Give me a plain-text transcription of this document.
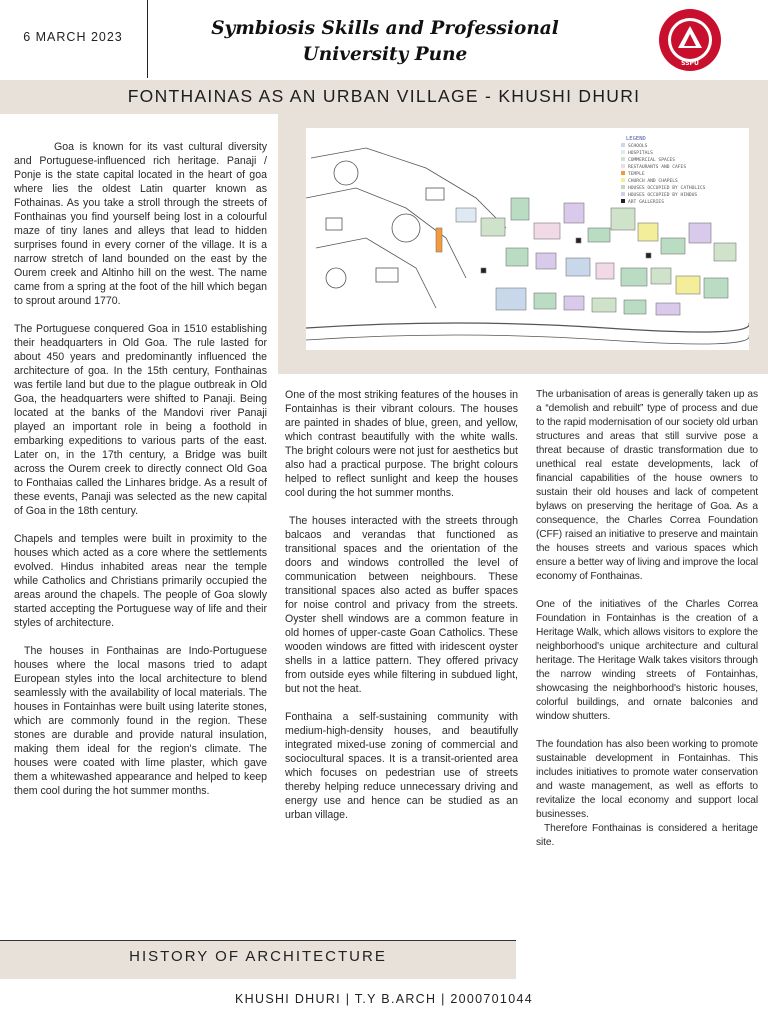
6 MARCH 2023	Symbiosis Skills and Professional
University Pune	SSPU
FONTHAINAS AS AN URBAN VILLAGE - KHUSHI DHURI
LEGEND
SCHOOLS
HOSPITALS
COMMERCIAL SPACES
RESTAURANTS AND CAFES
TEMPLE
CHURCH AND CHAPELS
HOUSES OCCUPIED BY CATHOLICS
HOUSES OCCUPIED BY HINDUS
ART GALLERIES

Goa is known for its vast cultural diversity and Portuguese-influenced rich heritage. Panaji / Ponje is the state capital located in the heart of goa where lies the oldest Latin quarter known as Fothainas. As you take a stroll through the streets of Fonthainas you find yourself being lost in a colourful maze of tiny lanes and alleys that lead to hidden surprises found in every corner of the village. It is a narrow stretch of land bounded on the east by the Ourem creek and Altinho hill on the west. The name came from a spring at the foot of the hill which began to sprout around 1770.

The Portuguese conquered Goa in 1510 establishing their headquarters in Old Goa. The rule lasted for about 450 years and predominantly influenced the architecture of goa. In the 15th century, Fonthainas was fertile land but due to the plague outbreak in Old Goa, the headquarters were shifted to Panaji. Being located at the banks of the Mandovi river Panaji played an important role in being a foothold in embarking expeditions to various parts of the east. Later on, in the 17th century, a Bridge was built across the Ourem creek to directly connect Old Goa to Fonthaias called the Linhares bridge. As a result of these events, Panaji was selected as the new capital of Goa in the 18th century.

Chapels and temples were built in proximity to the houses which acted as a core where the settlements evolved. Hindus inhabited areas near the temple while Catholics and Christians primarily occupied the areas around the chapels. The people of Goa slowly started accepting the Portuguese way of life and their styles of architecture.

The houses in Fonthainas are Indo-Portuguese houses where the local masons tried to adapt European styles into the local architecture to blend seamlessly with the availability of local materials. The houses in Fontainhas were built using laterite stones, which are commonly found in the region. These stones are durable and provide natural insulation, making them ideal for the region's climate. The houses were coated with lime plaster, which gave them a whitewashed appearance and helped to keep them cool during the hot summer months.

One of the most striking features of the houses in Fontainhas is their vibrant colours. The houses are painted in shades of blue, green, and yellow, which contrast beautifully with the white walls. The bright colours were not just for aesthetics but also had a practical purpose. The bright colours helped to reflect sunlight and keep the houses cool during the hot summer months.

The houses interacted with the streets through balcaos and verandas that functioned as transitional spaces and the orientation of the doors and windows controlled the level of communication between neighbours. These transitional spaces also acted as buffer spaces for noise control and privacy from the streets. Oyster shell windows are a common feature in old homes of upper-caste Goan Catholics. These wooden windows are fitted with iridescent oyster shells in a lattice pattern. They offered privacy from outside eyes while filtering in subdued light, but not the heat.

Fonthaina a self-sustaining community with medium-high-density houses, and beautifully integrated mixed-use zoning of commercial and sociocultural spaces. It is a transit-oriented area which focuses on pedestrian use of streets thereby helping reduce unnecessary driving and energy use and hence can be studied as an urban village.

The urbanisation of areas is generally taken up as a “demolish and rebuilt” type of process and due to the rapid modernisation of our society old urban structures and areas that still survive pose a threat because of drastic transformation due to unethical real estate developments, lack of financial capabilities of the house owners to sustain their old houses and lack of competent bylaws on preserving the heritage of Goa. As a consequence, the Charles Correa Foundation (CFF) raised an initiative to preserve and maintain the houses streets and various spaces which ensure a better way of living and improve the local economy of Fonthainas.

One of the initiatives of the Charles Correa Foundation in Fontainhas is the creation of a Heritage Walk, which allows visitors to explore the neighborhood's unique architecture and cultural heritage. The Heritage Walk takes visitors through the narrow winding streets of Fontainhas, showcasing the neighborhood's historic houses, colorful buildings, and ornate balconies and window shutters.

The foundation has also been working to promote sustainable development in Fontainhas. This includes initiatives to promote water conservation and waste management, as well as efforts to revitalize the local economy and support local businesses.

Therefore Fonthainas is considered a heritage site.

HISTORY OF ARCHITECTURE
KHUSHI DHURI | T.Y B.ARCH | 2000701044
